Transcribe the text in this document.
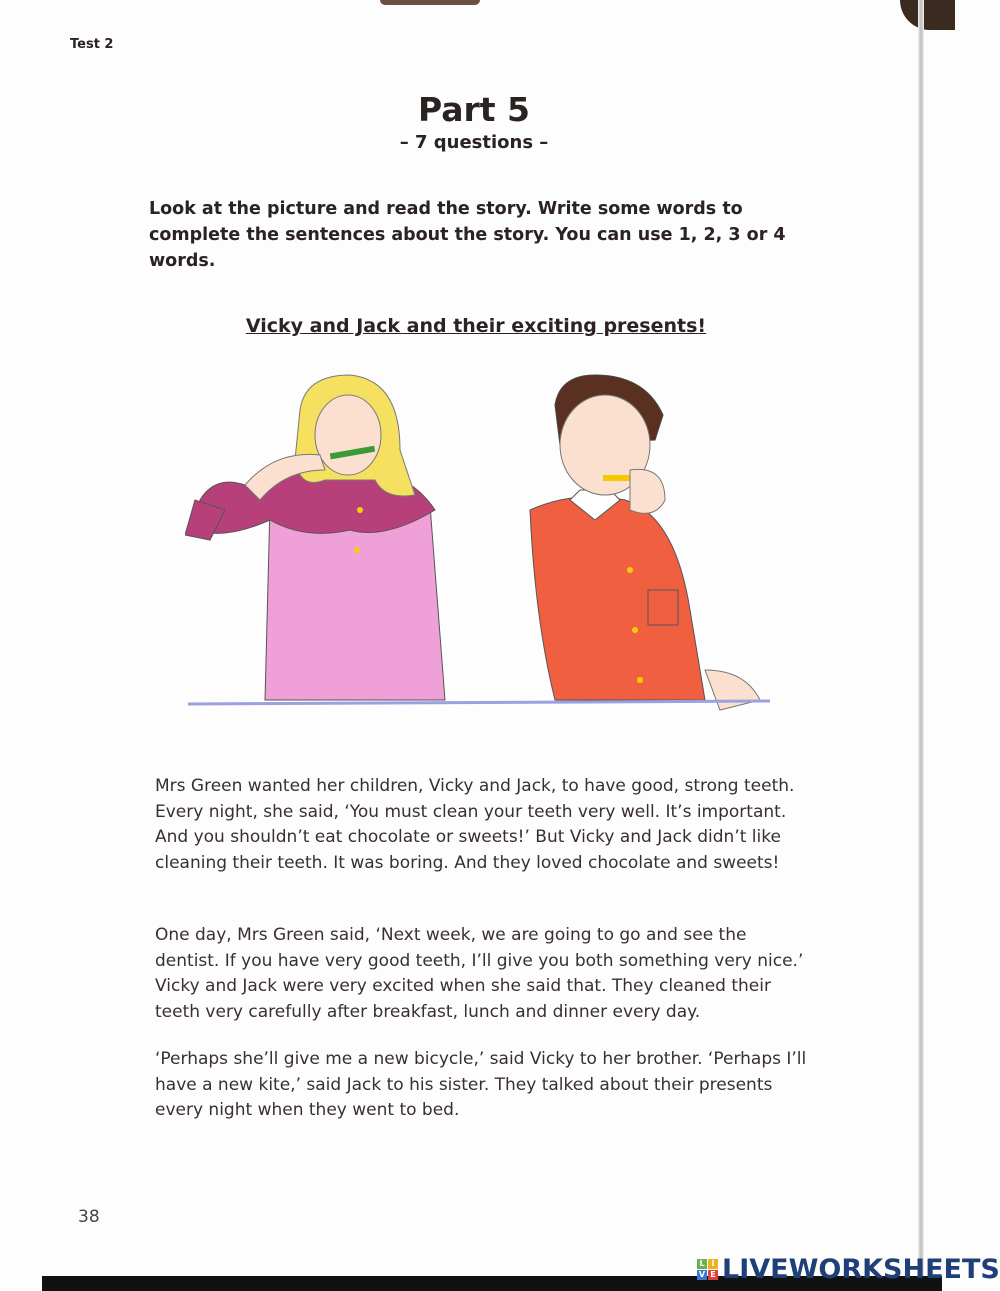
Test 2
Part 5
– 7 questions –
Look at the picture and read the story. Write some words to complete the sentences about the story. You can use 1, 2, 3 or 4 words.
Vicky and Jack and their exciting presents!
Mrs Green wanted her children, Vicky and Jack, to have good, strong teeth. Every night, she said, ‘You must clean your teeth very well. It’s important. And you shouldn’t eat chocolate or sweets!’ But Vicky and Jack didn’t like cleaning their teeth. It was boring. And they loved chocolate and sweets!
One day, Mrs Green said, ‘Next week, we are going to go and see the dentist. If you have very good teeth, I’ll give you both something very nice.’ Vicky and Jack were very excited when she said that. They cleaned their teeth very carefully after breakfast, lunch and dinner every day.
‘Perhaps she’ll give me a new bicycle,’ said Vicky to her brother. ‘Perhaps I’ll have a new kite,’ said Jack to his sister. They talked about their presents every night when they went to bed.
38
L I
V E LIVEWORKSHEETS
